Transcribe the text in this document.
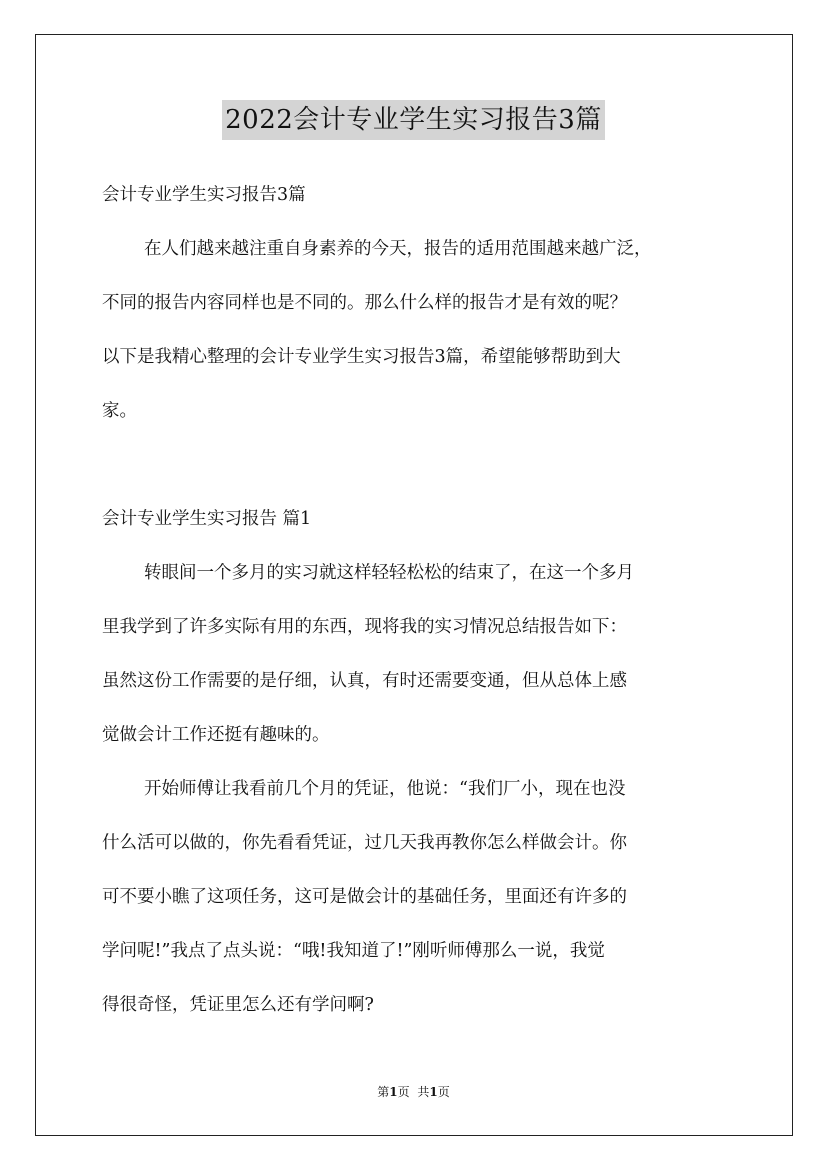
2022会计专业学生实习报告3篇
会计专业学生实习报告3篇
在人们越来越注重自身素养的今天，报告的适用范围越来越广泛，
不同的报告内容同样也是不同的。那么什么样的报告才是有效的呢？
以下是我精心整理的会计专业学生实习报告3篇，希望能够帮助到大
家。
会计专业学生实习报告 篇1
转眼间一个多月的实习就这样轻轻松松的结束了，在这一个多月
里我学到了许多实际有用的东西，现将我的实习情况总结报告如下：
虽然这份工作需要的是仔细，认真，有时还需要变通，但从总体上感
觉做会计工作还挺有趣味的。
开始师傅让我看前几个月的凭证，他说：“我们厂小，现在也没
什么活可以做的，你先看看凭证，过几天我再教你怎么样做会计。你
可不要小瞧了这项任务，这可是做会计的基础任务，里面还有许多的
学问呢!”我点了点头说：“哦!我知道了!”刚听师傅那么一说，我觉
得很奇怪，凭证里怎么还有学问啊?
第1页 共1页
